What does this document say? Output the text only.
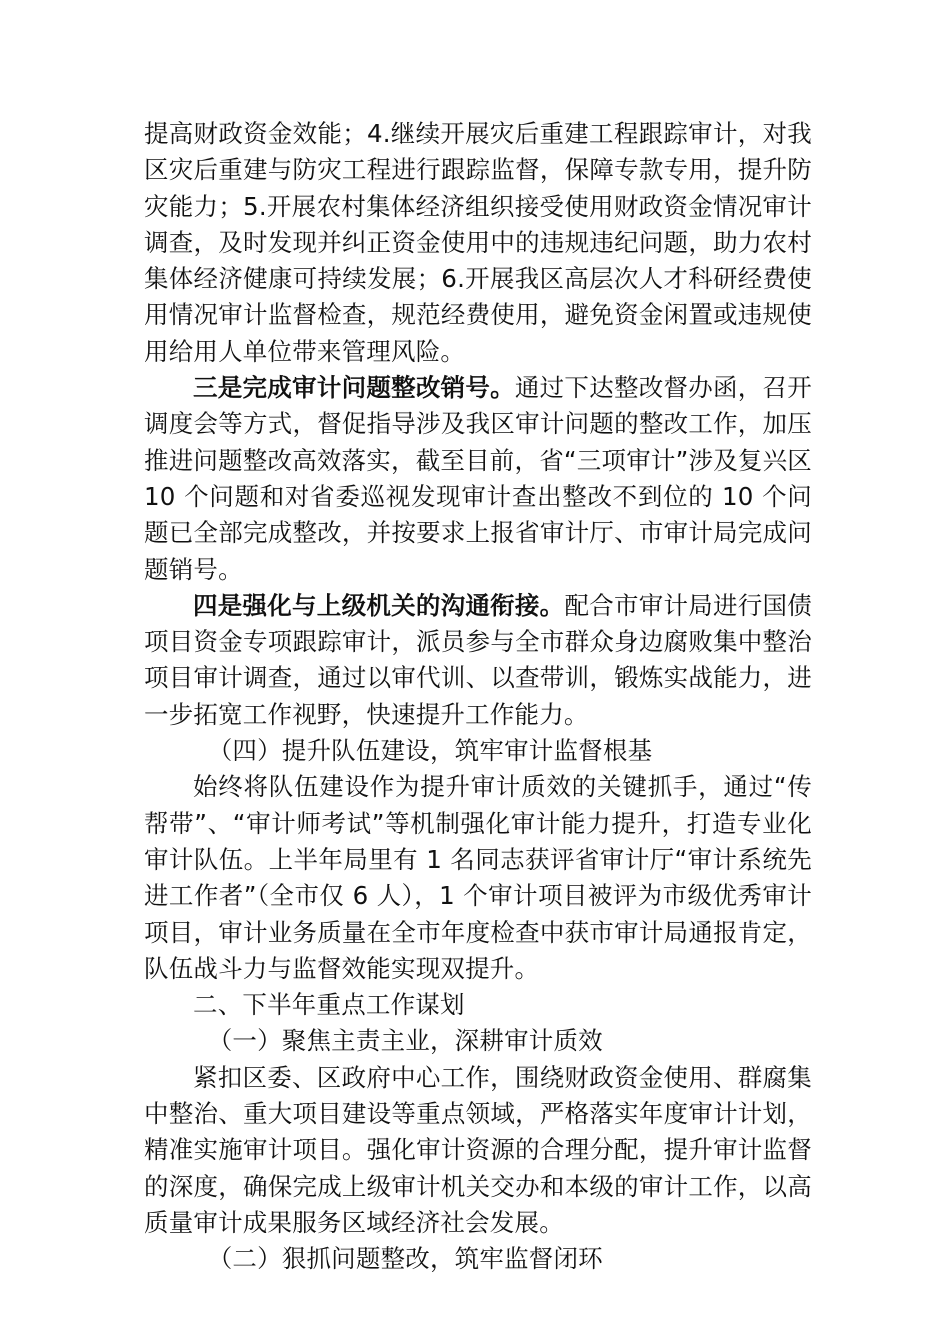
提高财政资金效能；4.继续开展灾后重建工程跟踪审计，对我区灾后重建与防灾工程进行跟踪监督，保障专款专用，提升防灾能力；5.开展农村集体经济组织接受使用财政资金情况审计调查，及时发现并纠正资金使用中的违规违纪问题，助力农村集体经济健康可持续发展；6.开展我区高层次人才科研经费使用情况审计监督检查，规范经费使用，避免资金闲置或违规使用给用人单位带来管理风险。

三是完成审计问题整改销号。通过下达整改督办函，召开调度会等方式，督促指导涉及我区审计问题的整改工作，加压推进问题整改高效落实，截至目前，省“三项审计”涉及复兴区 10 个问题和对省委巡视发现审计查出整改不到位的 10 个问题已全部完成整改，并按要求上报省审计厅、市审计局完成问题销号。

四是强化与上级机关的沟通衔接。配合市审计局进行国债项目资金专项跟踪审计，派员参与全市群众身边腐败集中整治项目审计调查，通过以审代训、以查带训，锻炼实战能力，进一步拓宽工作视野，快速提升工作能力。

（四）提升队伍建设，筑牢审计监督根基

始终将队伍建设作为提升审计质效的关键抓手，通过“传帮带”、“审计师考试”等机制强化审计能力提升，打造专业化审计队伍。上半年局里有 1 名同志获评省审计厅“审计系统先进工作者”（全市仅 6 人），1 个审计项目被评为市级优秀审计项目，审计业务质量在全市年度检查中获市审计局通报肯定，队伍战斗力与监督效能实现双提升。

二、下半年重点工作谋划

（一）聚焦主责主业，深耕审计质效

紧扣区委、区政府中心工作，围绕财政资金使用、群腐集中整治、重大项目建设等重点领域，严格落实年度审计计划，精准实施审计项目。强化审计资源的合理分配，提升审计监督的深度，确保完成上级审计机关交办和本级的审计工作，以高质量审计成果服务区域经济社会发展。

（二）狠抓问题整改，筑牢监督闭环
